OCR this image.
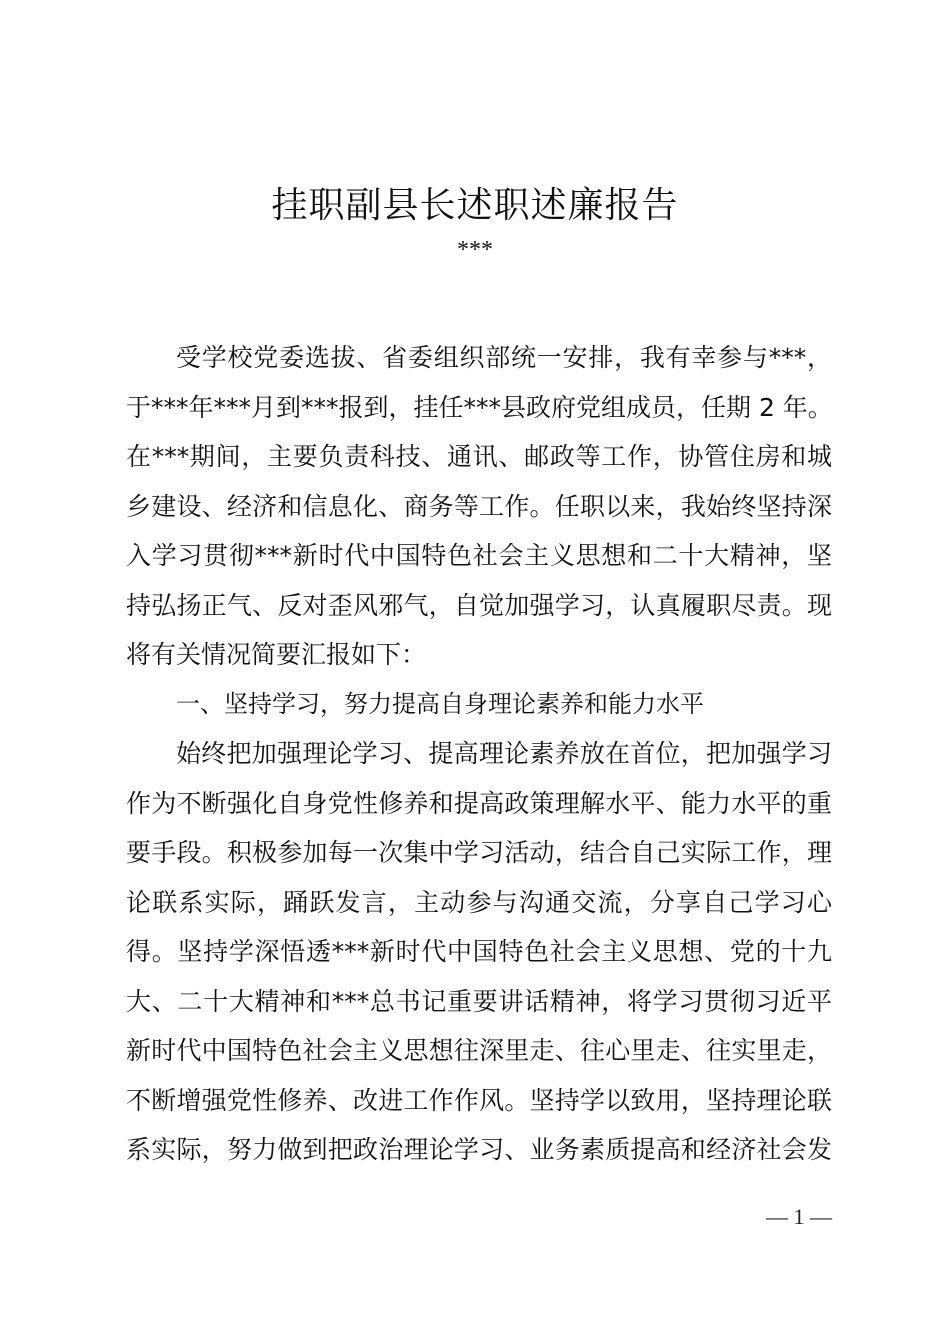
挂职副县长述职述廉报告
***
受学校党委选拔、省委组织部统一安排，我有幸参与***，
于***年***月到***报到，挂任***县政府党组成员，任期 2 年。
在***期间，主要负责科技、通讯、邮政等工作，协管住房和城
乡建设、经济和信息化、商务等工作。任职以来，我始终坚持深
入学习贯彻***新时代中国特色社会主义思想和二十大精神，坚
持弘扬正气、反对歪风邪气，自觉加强学习，认真履职尽责。现
将有关情况简要汇报如下：
一、坚持学习，努力提高自身理论素养和能力水平
始终把加强理论学习、提高理论素养放在首位，把加强学习
作为不断强化自身党性修养和提高政策理解水平、能力水平的重
要手段。积极参加每一次集中学习活动，结合自己实际工作，理
论联系实际，踊跃发言，主动参与沟通交流，分享自己学习心
得。坚持学深悟透***新时代中国特色社会主义思想、党的十九
大、二十大精神和***总书记重要讲话精神，将学习贯彻习近平
新时代中国特色社会主义思想往深里走、往心里走、往实里走，
不断增强党性修养、改进工作作风。坚持学以致用，坚持理论联
系实际，努力做到把政治理论学习、业务素质提高和经济社会发
— 1 —
